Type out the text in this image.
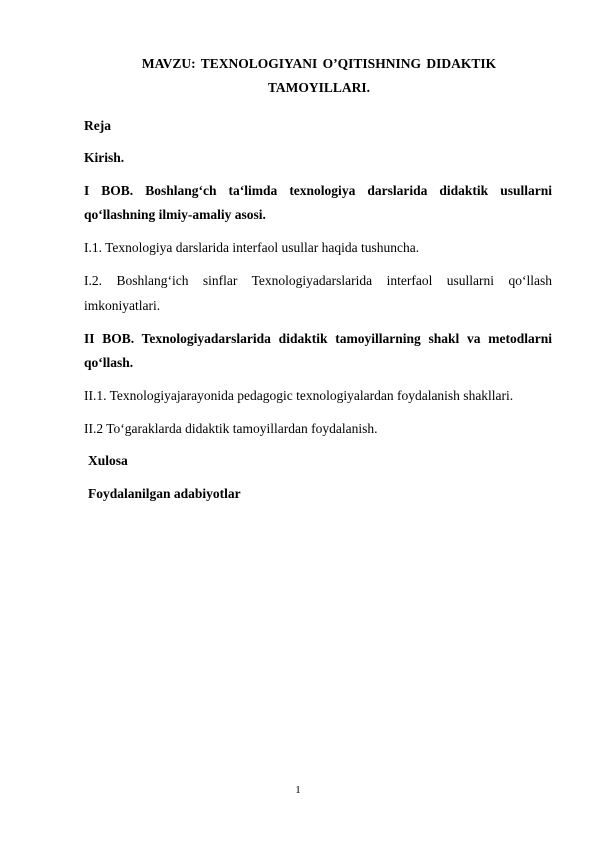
MAVZU: TEXNOLOGIYANI O’QITISHNING DIDAKTIK
TAMOYILLARI.
Reja
Kirish.
I BOB. Boshlang‘ch ta‘limda texnologiya darslarida didaktik usullarni
qo‘llashning ilmiy-amaliy asosi.
I.1. Texnologiya darslarida interfaol usullar haqida tushuncha.
I.2. Boshlang‘ich sinflar Texnologiyadarslarida interfaol usullarni qo‘llash
imkoniyatlari.
II BOB. Texnologiyadarslarida didaktik tamoyillarning shakl va metodlarni
qo‘llash.
II.1. Texnologiyajarayonida pedagogic texnologiyalardan foydalanish shakllari.
II.2 To‘garaklarda didaktik tamoyillardan foydalanish.
Xulosa
Foydalanilgan adabiyotlar
1
